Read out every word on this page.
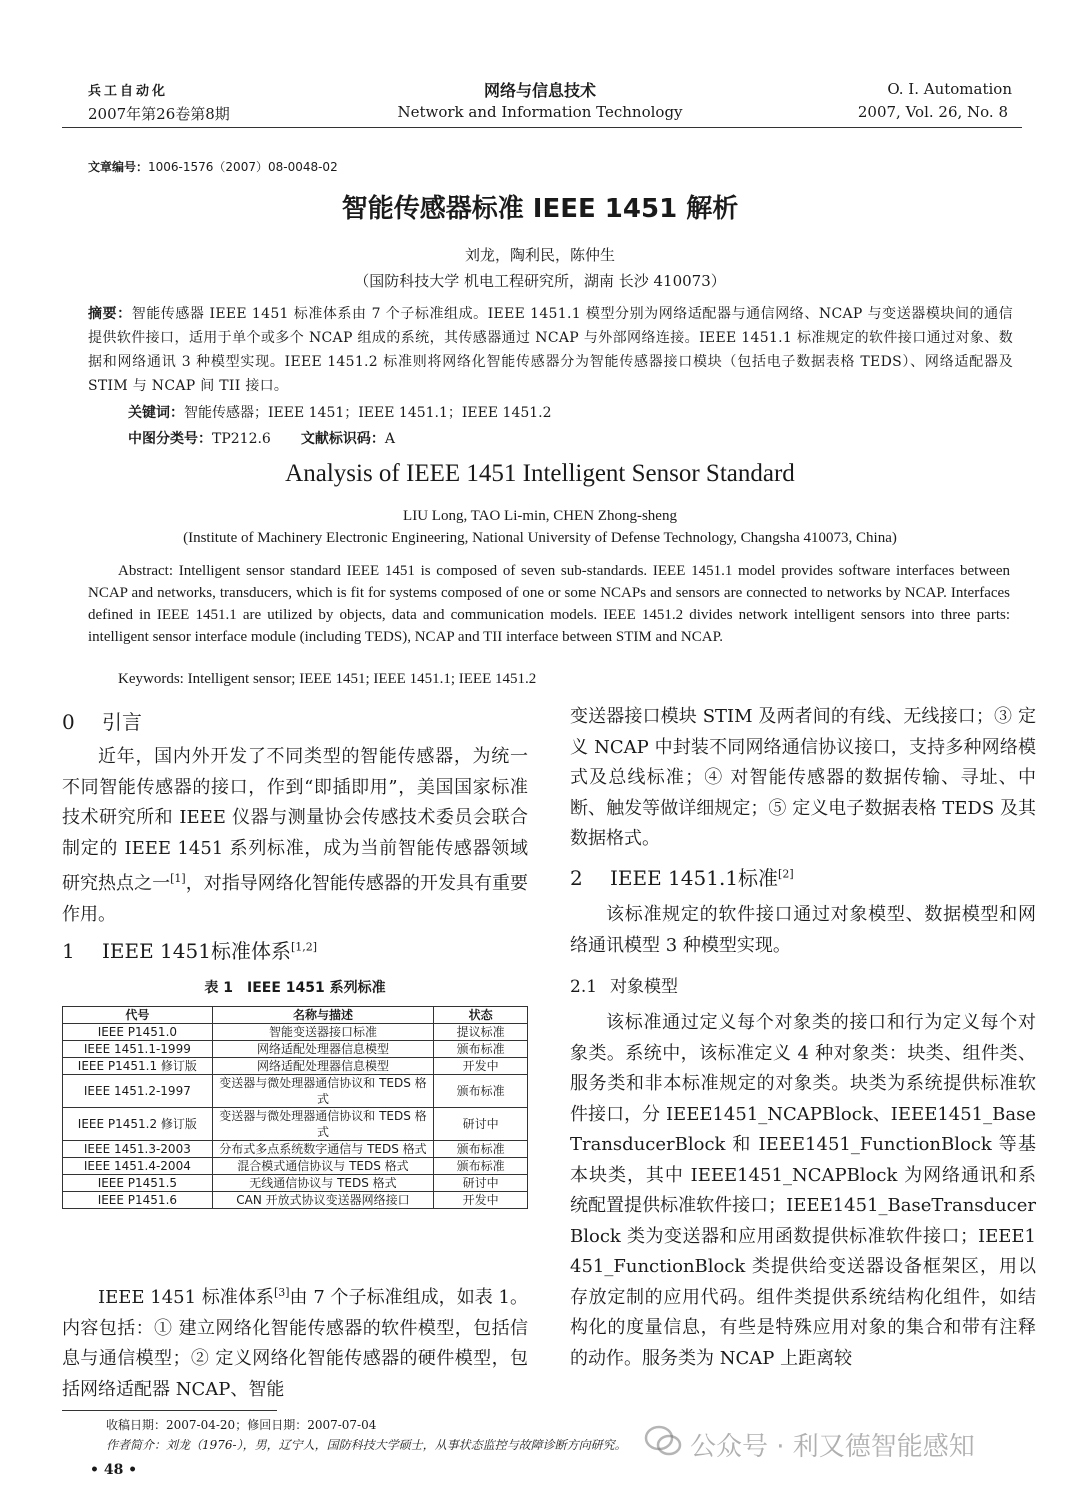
兵工自动化
2007年第26卷第8期
网络与信息技术
Network and Information Technology
O. I. Automation
2007, Vol. 26, No. 8
文章编号：1006-1576（2007）08-0048-02
智能传感器标准 IEEE 1451 解析
刘龙，陶利民，陈仲生
（国防科技大学 机电工程研究所，湖南 长沙 410073）
摘要：智能传感器 IEEE 1451 标准体系由 7 个子标准组成。IEEE 1451.1 模型分别为网络适配器与通信网络、NCAP 与变送器模块间的通信提供软件接口，适用于单个或多个 NCAP 组成的系统，其传感器通过 NCAP 与外部网络连接。IEEE 1451.1 标准规定的软件接口通过对象、数据和网络通讯 3 种模型实现。IEEE 1451.2 标准则将网络化智能传感器分为智能传感器接口模块（包括电子数据表格 TEDS）、网络适配器及 STIM 与 NCAP 间 TII 接口。
关键词：智能传感器；IEEE 1451；IEEE 1451.1；IEEE 1451.2
中图分类号：TP212.6 文献标识码：A
Analysis of IEEE 1451 Intelligent Sensor Standard
LIU Long, TAO Li-min, CHEN Zhong-sheng
(Institute of Machinery Electronic Engineering, National University of Defense Technology, Changsha 410073, China)
Abstract: Intelligent sensor standard IEEE 1451 is composed of seven sub-standards. IEEE 1451.1 model provides software interfaces between NCAP and networks, transducers, which is fit for systems composed of one or some NCAPs and sensors are connected to networks by NCAP. Interfaces defined in IEEE 1451.1 are utilized by objects, data and communication models. IEEE 1451.2 divides network intelligent sensors into three parts: intelligent sensor interface module (including TEDS), NCAP and TII interface between STIM and NCAP.
Keywords: Intelligent sensor; IEEE 1451; IEEE 1451.1; IEEE 1451.2
0 引言
近年，国内外开发了不同类型的智能传感器，为统一不同智能传感器的接口，作到“即插即用”，美国国家标准技术研究所和 IEEE 仪器与测量协会传感技术委员会联合制定的 IEEE 1451 系列标准，成为当前智能传感器领域研究热点之一[1]，对指导网络化智能传感器的开发具有重要作用。
1 IEEE 1451标准体系[1,2]
表 1　IEEE 1451 系列标准
代号	名称与描述	状态
IEEE P1451.0	智能变送器接口标准	提议标准
IEEE 1451.1-1999	网络适配处理器信息模型	颁布标准
IEEE P1451.1 修订版	网络适配处理器信息模型	开发中
IEEE 1451.2-1997	变送器与微处理器通信协议和 TEDS 格式	颁布标准
IEEE P1451.2 修订版	变送器与微处理器通信协议和 TEDS 格式	研讨中
IEEE 1451.3-2003	分布式多点系统数字通信与 TEDS 格式	颁布标准
IEEE 1451.4-2004	混合模式通信协议与 TEDS 格式	颁布标准
IEEE P1451.5	无线通信协议与 TEDS 格式	研讨中
IEEE P1451.6	CAN 开放式协议变送器网络接口	开发中
IEEE 1451 标准体系[3]由 7 个子标准组成，如表 1。内容包括：① 建立网络化智能传感器的软件模型，包括信息与通信模型；② 定义网络化智能传感器的硬件模型，包括网络适配器 NCAP、智能
变送器接口模块 STIM 及两者间的有线、无线接口；③ 定义 NCAP 中封装不同网络通信协议接口，支持多种网络模式及总线标准；④ 对智能传感器的数据传输、寻址、中断、触发等做详细规定；⑤ 定义电子数据表格 TEDS 及其数据格式。
2 IEEE 1451.1标准[2]
该标准规定的软件接口通过对象模型、数据模型和网络通讯模型 3 种模型实现。
2.1 对象模型
该标准通过定义每个对象类的接口和行为定义每个对象类。系统中，该标准定义 4 种对象类：块类、组件类、服务类和非本标准规定的对象类。块类为系统提供标准软件接口，分 IEEE1451_NCAPBlock、IEEE1451_BaseTransducerBlock 和 IEEE1451_FunctionBlock 等基本块类，其中 IEEE1451_NCAPBlock 为网络通讯和系统配置提供标准软件接口；IEEE1451_BaseTransducerBlock 类为变送器和应用函数提供标准软件接口；IEEE1451_FunctionBlock 类提供给变送器设备框架区，用以存放定制的应用代码。组件类提供系统结构化组件，如结构化的度量信息，有些是特殊应用对象的集合和带有注释的动作。服务类为 NCAP 上距离较
收稿日期：2007-04-20；修回日期：2007-07-04
作者简介：刘龙（1976-），男，辽宁人，国防科技大学硕士，从事状态监控与故障诊断方向研究。
• 48 •
公众号 · 利又德智能感知
